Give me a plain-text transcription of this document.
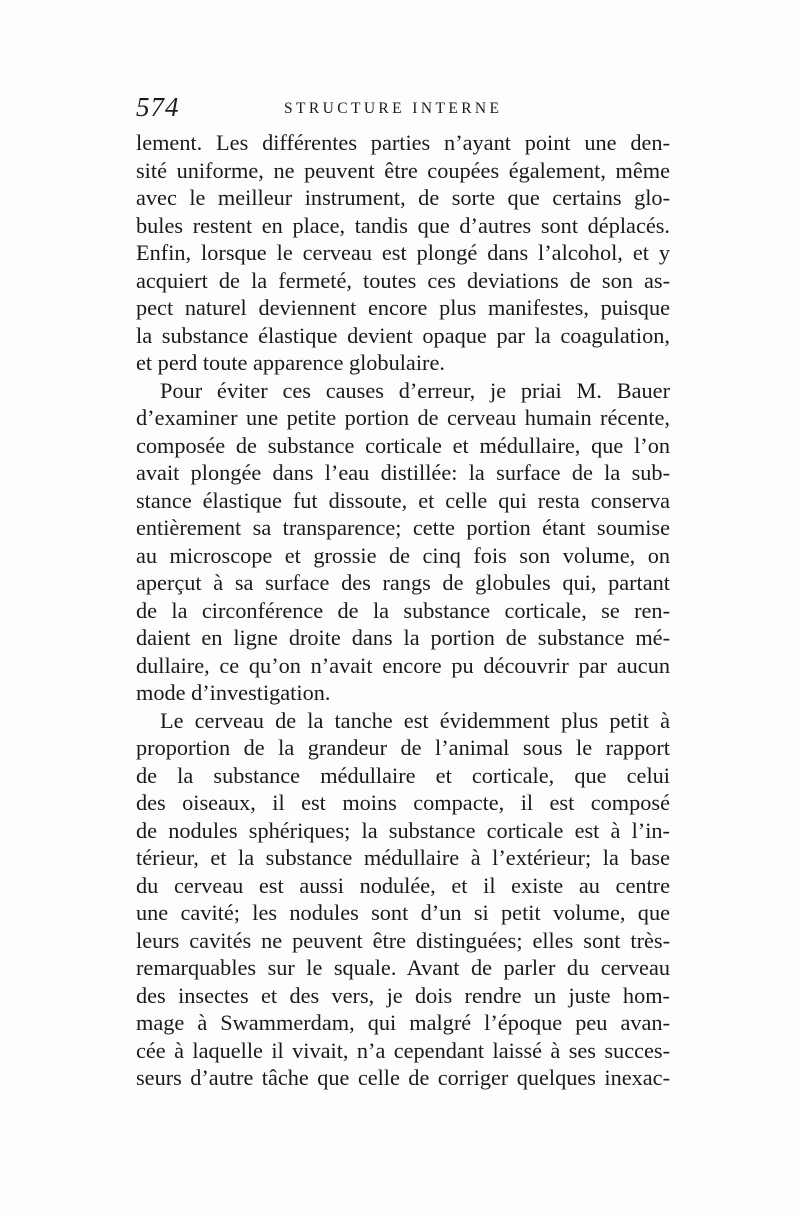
574	STRUCTURE INTERNE
lement. Les différentes parties n’ayant point une den-
sité uniforme, ne peuvent être coupées également, même
avec le meilleur instrument, de sorte que certains glo-
bules restent en place, tandis que d’autres sont déplacés.
Enfin, lorsque le cerveau est plongé dans l’alcohol, et y
acquiert de la fermeté, toutes ces deviations de son as-
pect naturel deviennent encore plus manifestes, puisque
la substance élastique devient opaque par la coagulation,
et perd toute apparence globulaire.
Pour éviter ces causes d’erreur, je priai M. Bauer
d’examiner une petite portion de cerveau humain récente,
composée de substance corticale et médullaire, que l’on
avait plongée dans l’eau distillée: la surface de la sub-
stance élastique fut dissoute, et celle qui resta conserva
entièrement sa transparence; cette portion étant soumise
au microscope et grossie de cinq fois son volume, on
aperçut à sa surface des rangs de globules qui, partant
de la circonférence de la substance corticale, se ren-
daient en ligne droite dans la portion de substance mé-
dullaire, ce qu’on n’avait encore pu découvrir par aucun
mode d’investigation.
Le cerveau de la tanche est évidemment plus petit à
proportion de la grandeur de l’animal sous le rapport
de la substance médullaire et corticale, que celui
des oiseaux, il est moins compacte, il est composé
de nodules sphériques; la substance corticale est à l’in-
térieur, et la substance médullaire à l’extérieur; la base
du cerveau est aussi nodulée, et il existe au centre
une cavité; les nodules sont d’un si petit volume, que
leurs cavités ne peuvent être distinguées; elles sont très-
remarquables sur le squale. Avant de parler du cerveau
des insectes et des vers, je dois rendre un juste hom-
mage à Swammerdam, qui malgré l’époque peu avan-
cée à laquelle il vivait, n’a cependant laissé à ses succes-
seurs d’autre tâche que celle de corriger quelques inexac-
